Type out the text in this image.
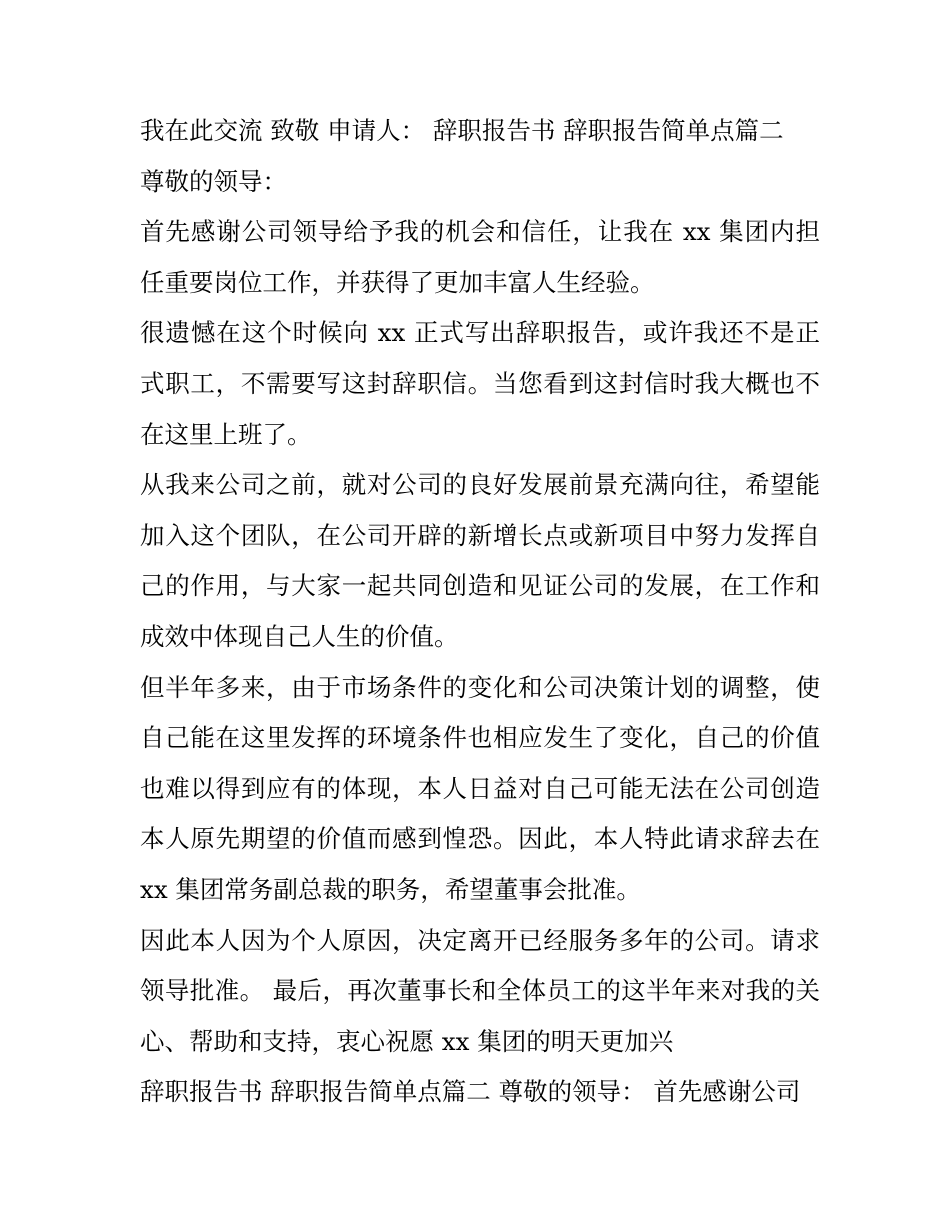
我在此交流 致敬 申请人： 辞职报告书 辞职报告简单点篇二

尊敬的领导：

首先感谢公司领导给予我的机会和信任，让我在 xx 集团内担任重要岗位工作，并获得了更加丰富人生经验。

很遗憾在这个时候向 xx 正式写出辞职报告，或许我还不是正式职工，不需要写这封辞职信。当您看到这封信时我大概也不在这里上班了。

从我来公司之前，就对公司的良好发展前景充满向往，希望能加入这个团队，在公司开辟的新增长点或新项目中努力发挥自己的作用，与大家一起共同创造和见证公司的发展，在工作和成效中体现自己人生的价值。

但半年多来，由于市场条件的变化和公司决策计划的调整，使自己能在这里发挥的环境条件也相应发生了变化，自己的价值也难以得到应有的体现，本人日益对自己可能无法在公司创造本人原先期望的价值而感到惶恐。因此，本人特此请求辞去在 xx 集团常务副总裁的职务，希望董事会批准。

因此本人因为个人原因，决定离开已经服务多年的公司。请求领导批准。 最后，再次董事长和全体员工的这半年来对我的关心、帮助和支持，衷心祝愿 xx 集团的明天更加兴

辞职报告书 辞职报告简单点篇二 尊敬的领导： 首先感谢公司
